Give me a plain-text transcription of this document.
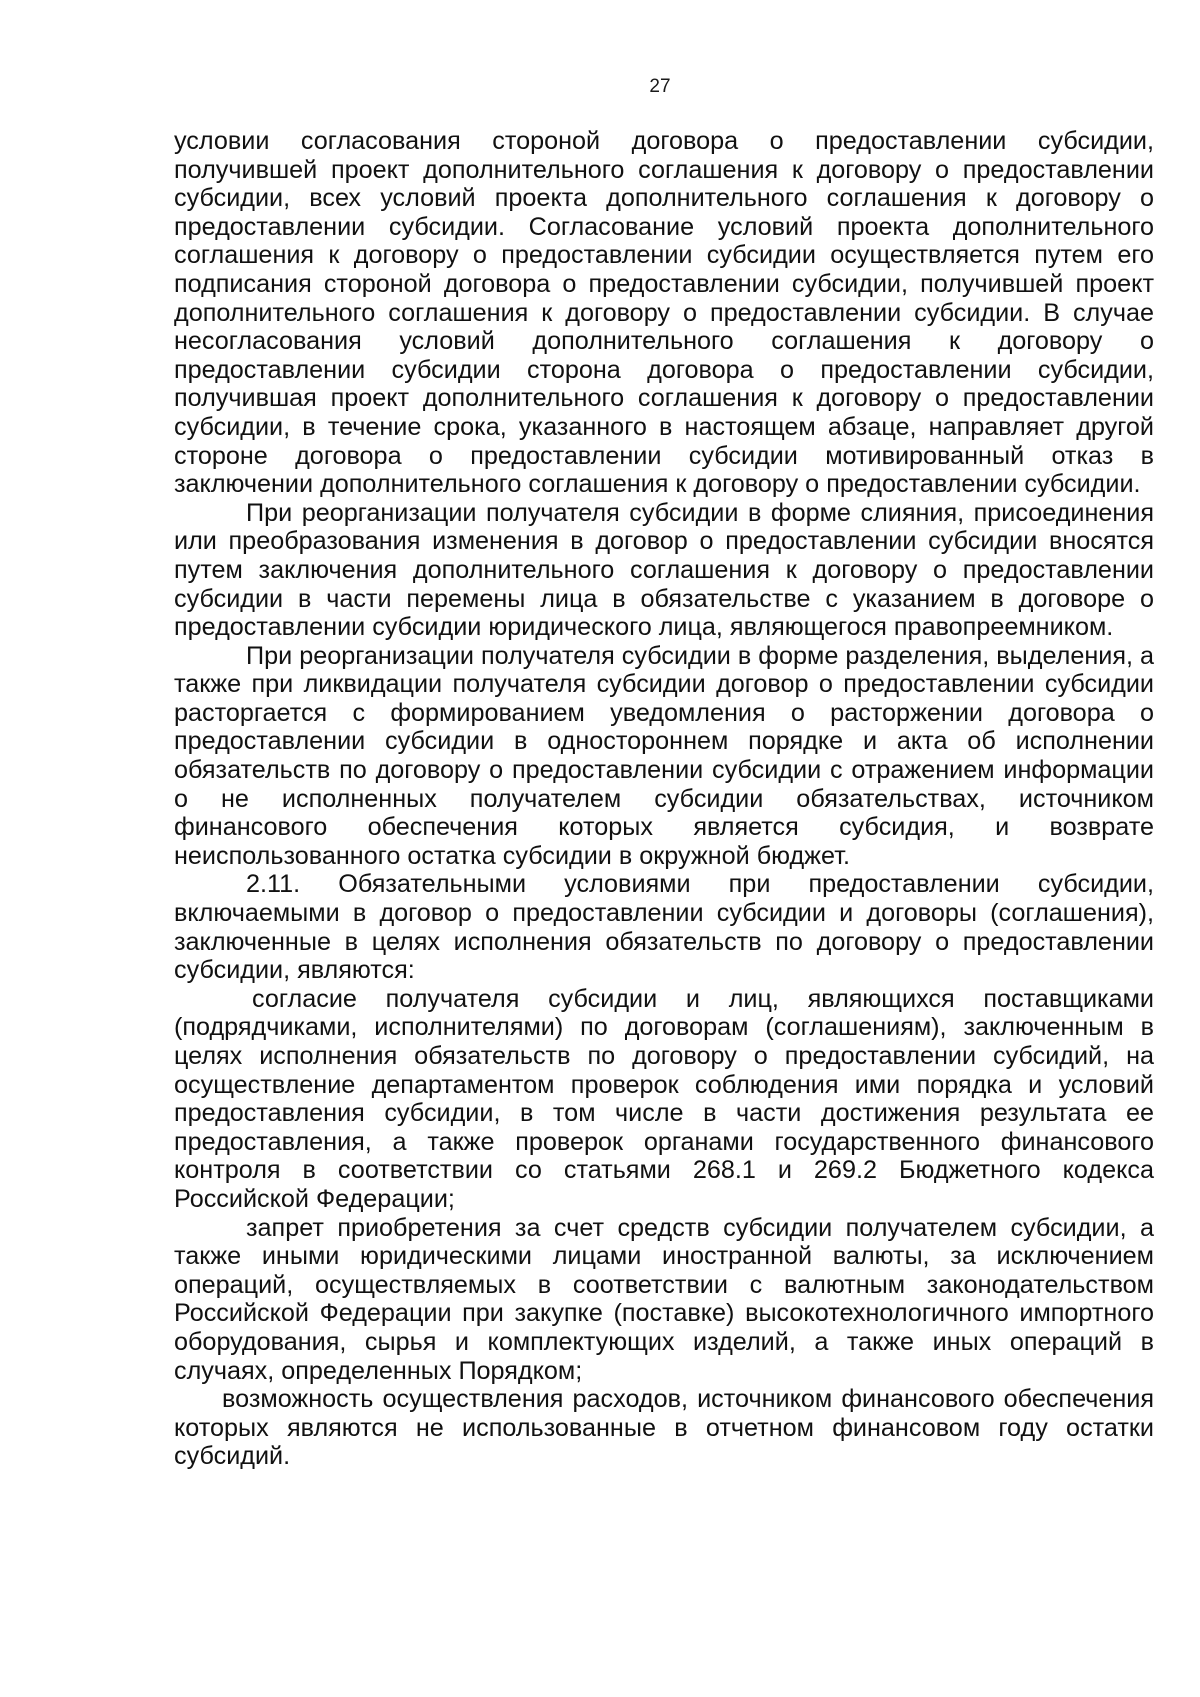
27

условии согласования стороной договора о предоставлении субсидии, получившей проект дополнительного соглашения к договору о предоставлении субсидии, всех условий проекта дополнительного соглашения к договору о предоставлении субсидии. Согласование условий проекта дополнительного соглашения к договору о предоставлении субсидии осуществляется путем его подписания стороной договора о предоставлении субсидии, получившей проект дополнительного соглашения к договору о предоставлении субсидии. В случае несогласования условий дополнительного соглашения к договору о предоставлении субсидии сторона договора о предоставлении субсидии, получившая проект дополнительного соглашения к договору о предоставлении субсидии, в течение срока, указанного в настоящем абзаце, направляет другой стороне договора о предоставлении субсидии мотивированный отказ в заключении дополнительного соглашения к договору о предоставлении субсидии.

При реорганизации получателя субсидии в форме слияния, присоединения или преобразования изменения в договор о предоставлении субсидии вносятся путем заключения дополнительного соглашения к договору о предоставлении субсидии в части перемены лица в обязательстве с указанием в договоре о предоставлении субсидии юридического лица, являющегося правопреемником.

При реорганизации получателя субсидии в форме разделения, выделения, а также при ликвидации получателя субсидии договор о предоставлении субсидии расторгается с формированием уведомления о расторжении договора о предоставлении субсидии в одностороннем порядке и акта об исполнении обязательств по договору о предоставлении субсидии с отражением информации о не исполненных получателем субсидии обязательствах, источником финансового обеспечения которых является субсидия, и возврате неиспользованного остатка субсидии в окружной бюджет.

2.11. Обязательными условиями при предоставлении субсидии, включаемыми в договор о предоставлении субсидии и договоры (соглашения), заключенные в целях исполнения обязательств по договору о предоставлении субсидии, являются:

согласие получателя субсидии и лиц, являющихся поставщиками (подрядчиками, исполнителями) по договорам (соглашениям), заключенным в целях исполнения обязательств по договору о предоставлении субсидий, на осуществление департаментом проверок соблюдения ими порядка и условий предоставления субсидии, в том числе в части достижения результата ее предоставления, а также проверок органами государственного финансового контроля в соответствии со статьями 268.1 и 269.2 Бюджетного кодекса Российской Федерации;

запрет приобретения за счет средств субсидии получателем субсидии, а также иными юридическими лицами иностранной валюты, за исключением операций, осуществляемых в соответствии с валютным законодательством Российской Федерации при закупке (поставке) высокотехнологичного импортного оборудования, сырья и комплектующих изделий, а также иных операций в случаях, определенных Порядком;

возможность осуществления расходов, источником финансового обеспечения которых являются не использованные в отчетном финансовом году остатки субсидий.
